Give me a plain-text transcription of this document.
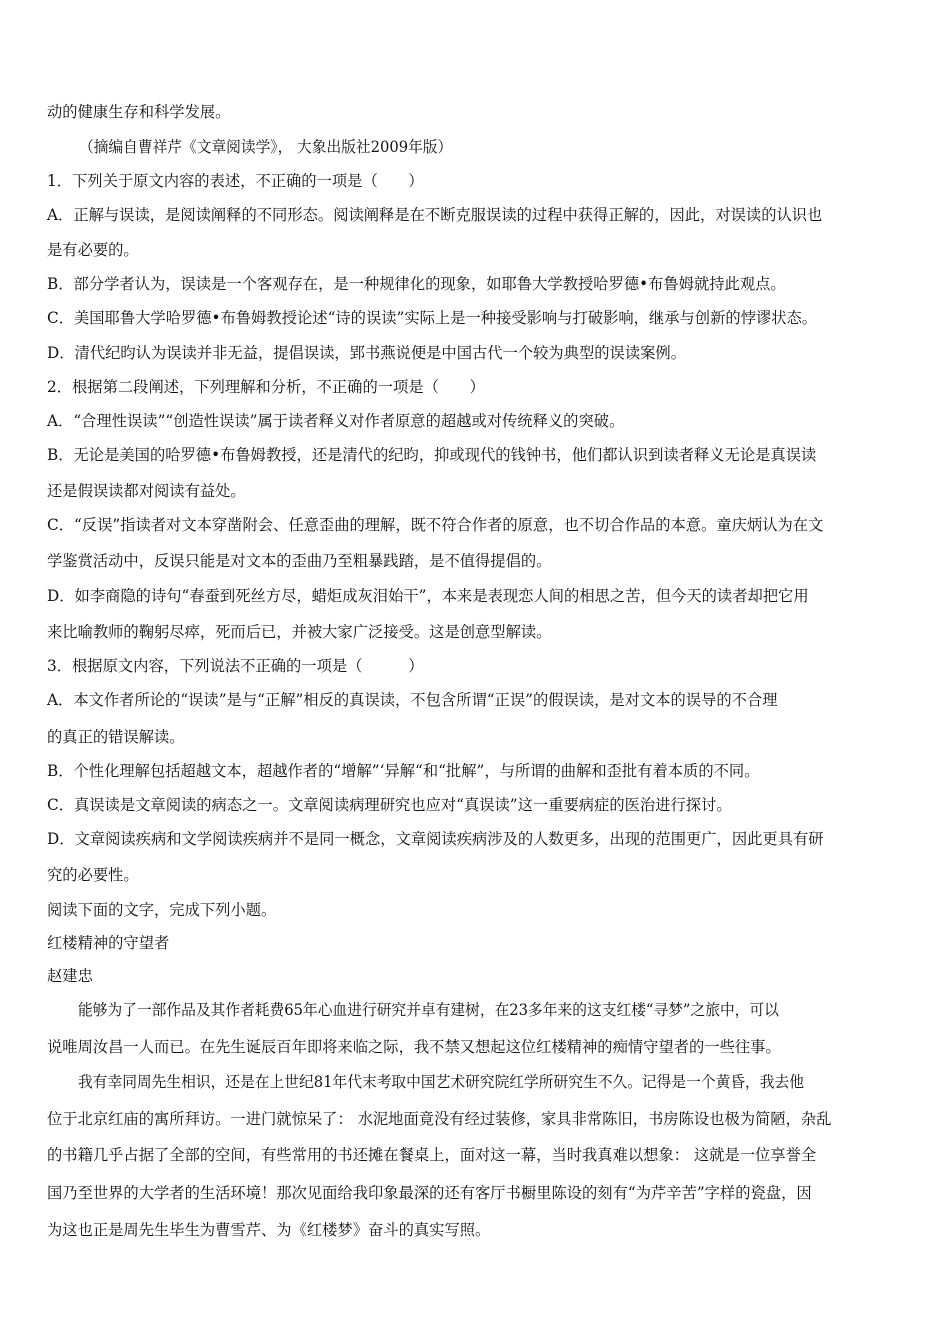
动的健康生存和科学发展。
（摘编自曹祥芹《文章阅读学》， 大象出版社2009年版）
1．下列关于原文内容的表述，不正确的一项是（　　）
A．正解与误读，是阅读阐释的不同形态。阅读阐释是在不断克服误读的过程中获得正解的，因此，对误读的认识也
是有必要的。
B．部分学者认为，误读是一个客观存在，是一种规律化的现象，如耶鲁大学教授哈罗德•布鲁姆就持此观点。
C．美国耶鲁大学哈罗德•布鲁姆教授论述“诗的误读”实际上是一种接受影响与打破影响，继承与创新的悖谬状态。
D．清代纪昀认为误读并非无益，提倡误读，郢书燕说便是中国古代一个较为典型的误读案例。
2．根据第二段阐述，下列理解和分析，不正确的一项是（　　）
A．“合理性误读”“创造性误读”属于读者释义对作者原意的超越或对传统释义的突破。
B．无论是美国的哈罗德•布鲁姆教授，还是清代的纪昀，抑或现代的钱钟书，他们都认识到读者释义无论是真误读
还是假误读都对阅读有益处。
C．“反误”指读者对文本穿凿附会、任意歪曲的理解，既不符合作者的原意，也不切合作品的本意。童庆炳认为在文
学鉴赏活动中，反误只能是对文本的歪曲乃至粗暴践踏，是不值得提倡的。
D．如李商隐的诗句“春蚕到死丝方尽，蜡炬成灰泪始干”，本来是表现恋人间的相思之苦，但今天的读者却把它用
来比喻教师的鞠躬尽瘁，死而后已，并被大家广泛接受。这是创意型解读。
3．根据原文内容，下列说法不正确的一项是（　　　）
A．本文作者所论的“误读”是与“正解”相反的真误读，不包含所谓“正误”的假误读，是对文本的误导的不合理
的真正的错误解读。
B．个性化理解包括超越文本，超越作者的“增解”‘异解“和“批解”，与所谓的曲解和歪批有着本质的不同。
C．真误读是文章阅读的病态之一。文章阅读病理研究也应对“真误读”这一重要病症的医治进行探讨。
D．文章阅读疾病和文学阅读疾病并不是同一概念，文章阅读疾病涉及的人数更多，出现的范围更广，因此更具有研
究的必要性。
阅读下面的文字，完成下列小题。
红楼精神的守望者
赵建忠
能够为了一部作品及其作者耗费65年心血进行研究并卓有建树，在23多年来的这支红楼“寻梦”之旅中，可以
说唯周汝昌一人而已。在先生诞辰百年即将来临之际，我不禁又想起这位红楼精神的痴情守望者的一些往事。
我有幸同周先生相识，还是在上世纪81年代末考取中国艺术研究院红学所研究生不久。记得是一个黄昏，我去他
位于北京红庙的寓所拜访。一进门就惊呆了： 水泥地面竟没有经过装修，家具非常陈旧，书房陈设也极为简陋，杂乱
的书籍几乎占据了全部的空间，有些常用的书还摊在餐桌上，面对这一幕，当时我真难以想象： 这就是一位享誉全
国乃至世界的大学者的生活环境！那次见面给我印象最深的还有客厅书橱里陈设的刻有“为芹辛苦”字样的瓷盘，因
为这也正是周先生毕生为曹雪芹、为《红楼梦》奋斗的真实写照。
